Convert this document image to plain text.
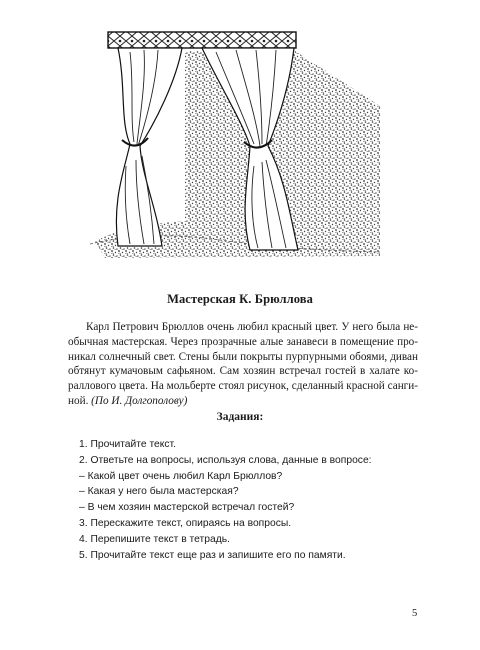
Мастерская К. Брюллова

Карл Петрович Брюллов очень любил красный цвет. У него была не-
обычная мастерская. Через прозрачные алые занавеси в помещение про-
никал солнечный свет. Стены были покрыты пурпурными обоями, диван
обтянут кумачовым сафьяном. Сам хозяин встречал гостей в халате ко-
раллового цвета. На мольберте стоял рисунок, сделанный красной санги-
ной. (По И. Долгополову)

Задания:
1. Прочитайте текст.
2. Ответьте на вопросы, используя слова, данные в вопросе:
– Какой цвет очень любил Карл Брюллов?
– Какая у него была мастерская?
– В чем хозяин мастерской встречал гостей?
3. Перескажите текст, опираясь на вопросы.
4. Перепишите текст в тетрадь.
5. Прочитайте текст еще раз и запишите его по памяти.
5
